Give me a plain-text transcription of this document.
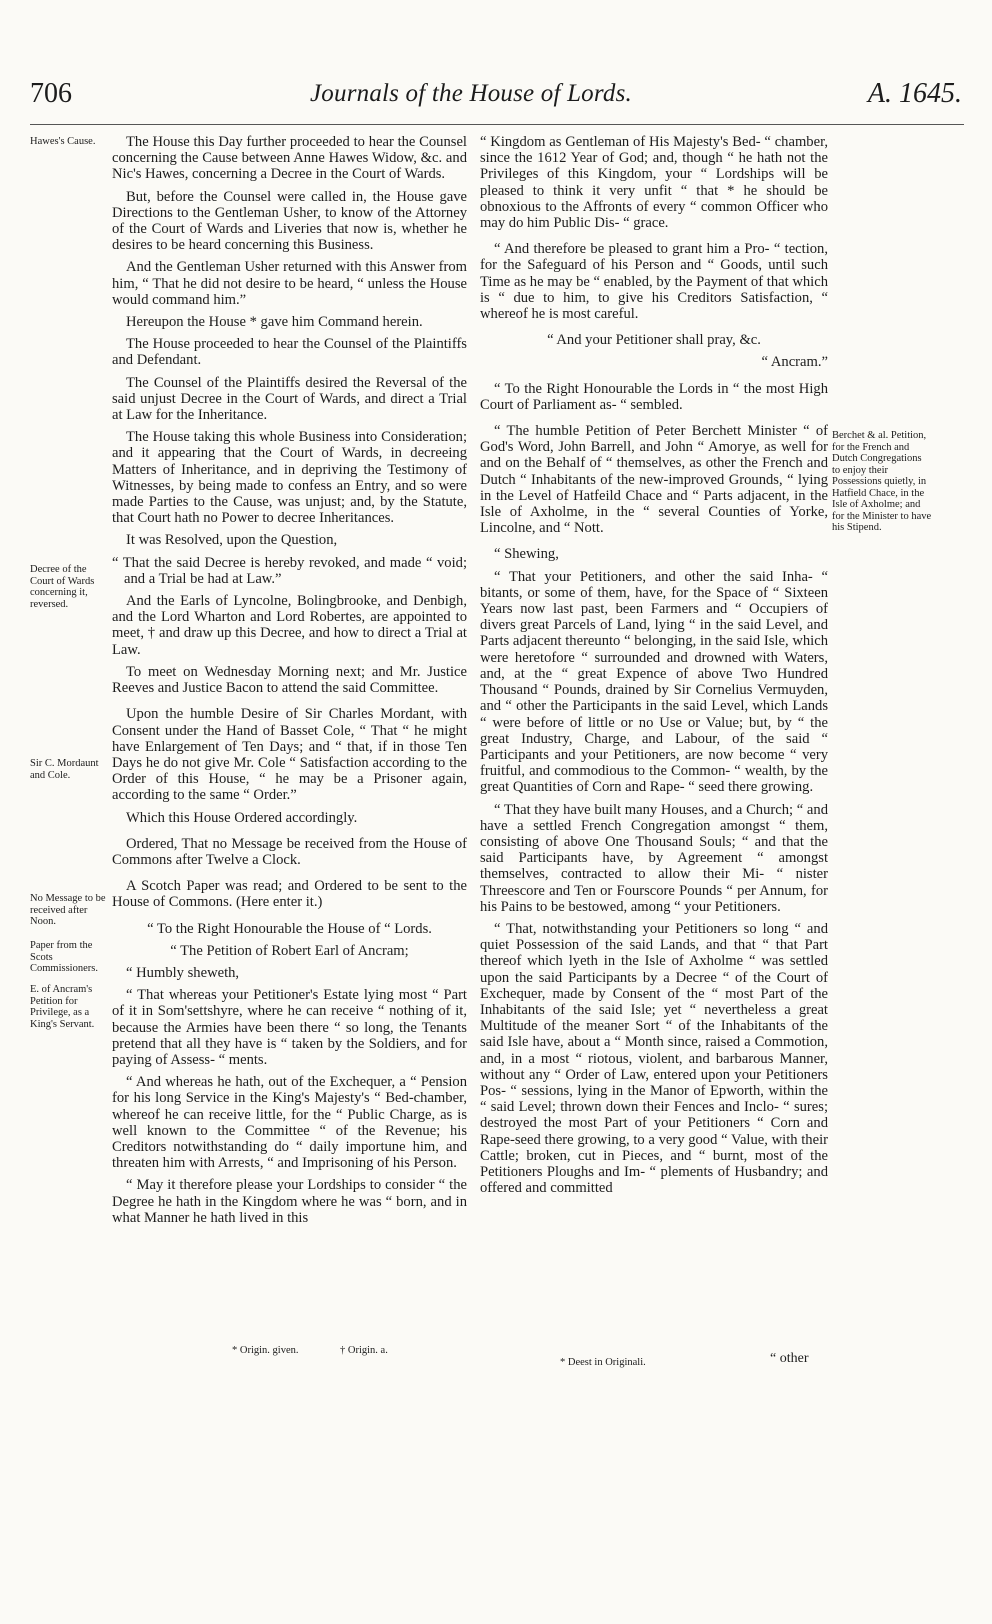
706	Journals of the House of Lords.	A. 1645.
Hawes's Cause.
Decree of the Court of Wards concerning it, reversed.
Sir C. Mordaunt and Cole.
No Message to be received after Noon.
Paper from the Scots Commissioners.
E. of Ancram's Petition for Privilege, as a King's Servant.
Berchet & al. Petition, for the French and Dutch Congregations to enjoy their Possessions quietly, in Hatfield Chace, in the Isle of Axholme; and for the Minister to have his Stipend.

The House this Day further proceeded to hear the Counsel concerning the Cause between Anne Hawes Widow, &c. and Nic's Hawes, concerning a Decree in the Court of Wards.

But, before the Counsel were called in, the House gave Directions to the Gentleman Usher, to know of the Attorney of the Court of Wards and Liveries that now is, whether he desires to be heard concerning this Business.

And the Gentleman Usher returned with this Answer from him, “ That he did not desire to be heard, “ unless the House would command him.”

Hereupon the House * gave him Command herein.

The House proceeded to hear the Counsel of the Plaintiffs and Defendant.

The Counsel of the Plaintiffs desired the Reversal of the said unjust Decree in the Court of Wards, and direct a Trial at Law for the Inheritance.

The House taking this whole Business into Consideration; and it appearing that the Court of Wards, in decreeing Matters of Inheritance, and in depriving the Testimony of Witnesses, by being made to confess an Entry, and so were made Parties to the Cause, was unjust; and, by the Statute, that Court hath no Power to decree Inheritances.

It was Resolved, upon the Question,

“ That the said Decree is hereby revoked, and made “ void; and a Trial be had at Law.”

And the Earls of Lyncolne, Bolingbrooke, and Denbigh, and the Lord Wharton and Lord Robertes, are appointed to meet, † and draw up this Decree, and how to direct a Trial at Law.

To meet on Wednesday Morning next; and Mr. Justice Reeves and Justice Bacon to attend the said Committee.

Upon the humble Desire of Sir Charles Mordant, with Consent under the Hand of Basset Cole, “ That “ he might have Enlargement of Ten Days; and “ that, if in those Ten Days he do not give Mr. Cole “ Satisfaction according to the Order of this House, “ he may be a Prisoner again, according to the same “ Order.”

Which this House Ordered accordingly.

Ordered, That no Message be received from the House of Commons after Twelve a Clock.

A Scotch Paper was read; and Ordered to be sent to the House of Commons. (Here enter it.)

“ To the Right Honourable the House of “ Lords.

“ The Petition of Robert Earl of Ancram;

“ Humbly sheweth,

“ That whereas your Petitioner's Estate lying most “ Part of it in Som'settshyre, where he can receive “ nothing of it, because the Armies have been there “ so long, the Tenants pretend that all they have is “ taken by the Soldiers, and for paying of Assess- “ ments.

“ And whereas he hath, out of the Exchequer, a “ Pension for his long Service in the King's Majesty's “ Bed-chamber, whereof he can receive little, for the “ Public Charge, as is well known to the Committee “ of the Revenue; his Creditors notwithstanding do “ daily importune him, and threaten him with Arrests, “ and Imprisoning of his Person.

“ May it therefore please your Lordships to consider “ the Degree he hath in the Kingdom where he was “ born, and in what Manner he hath lived in this

“ Kingdom as Gentleman of His Majesty's Bed- “ chamber, since the 1612 Year of God; and, though “ he hath not the Privileges of this Kingdom, your “ Lordships will be pleased to think it very unfit “ that * he should be obnoxious to the Affronts of every “ common Officer who may do him Public Dis- “ grace.

“ And therefore be pleased to grant him a Pro- “ tection, for the Safeguard of his Person and “ Goods, until such Time as he may be “ enabled, by the Payment of that which is “ due to him, to give his Creditors Satisfaction, “ whereof he is most careful.

“ And your Petitioner shall pray, &c.

“ Ancram.”

“ To the Right Honourable the Lords in “ the most High Court of Parliament as- “ sembled.

“ The humble Petition of Peter Berchett Minister “ of God's Word, John Barrell, and John “ Amorye, as well for and on the Behalf of “ themselves, as other the French and Dutch “ Inhabitants of the new-improved Grounds, “ lying in the Level of Hatfeild Chace and “ Parts adjacent, in the Isle of Axholme, in the “ several Counties of Yorke, Lincolne, and “ Nott.

“ Shewing,

“ That your Petitioners, and other the said Inha- “ bitants, or some of them, have, for the Space of “ Sixteen Years now last past, been Farmers and “ Occupiers of divers great Parcels of Land, lying “ in the said Level, and Parts adjacent thereunto “ belonging, in the said Isle, which were heretofore “ surrounded and drowned with Waters, and, at the “ great Expence of above Two Hundred Thousand “ Pounds, drained by Sir Cornelius Vermuyden, and “ other the Participants in the said Level, which Lands “ were before of little or no Use or Value; but, by “ the great Industry, Charge, and Labour, of the said “ Participants and your Petitioners, are now become “ very fruitful, and commodious to the Common- “ wealth, by the great Quantities of Corn and Rape- “ seed there growing.

“ That they have built many Houses, and a Church; “ and have a settled French Congregation amongst “ them, consisting of above One Thousand Souls; “ and that the said Participants have, by Agreement “ amongst themselves, contracted to allow their Mi- “ nister Threescore and Ten or Fourscore Pounds “ per Annum, for his Pains to be bestowed, among “ your Petitioners.

“ That, notwithstanding your Petitioners so long “ and quiet Possession of the said Lands, and that “ that Part thereof which lyeth in the Isle of Axholme “ was settled upon the said Participants by a Decree “ of the Court of Exchequer, made by Consent of the “ most Part of the Inhabitants of the said Isle; yet “ nevertheless a great Multitude of the meaner Sort “ of the Inhabitants of the said Isle have, about a “ Month since, raised a Commotion, and, in a most “ riotous, violent, and barbarous Manner, without any “ Order of Law, entered upon your Petitioners Pos- “ sessions, lying in the Manor of Epworth, within the “ said Level; thrown down their Fences and Inclo- “ sures; destroyed the most Part of your Petitioners “ Corn and Rape-seed there growing, to a very good “ Value, with their Cattle; broken, cut in Pieces, and “ burnt, most of the Petitioners Ploughs and Im- “ plements of Husbandry; and offered and committed

* Origin. given.	† Origin. a.
* Deest in Originali.	“ other
